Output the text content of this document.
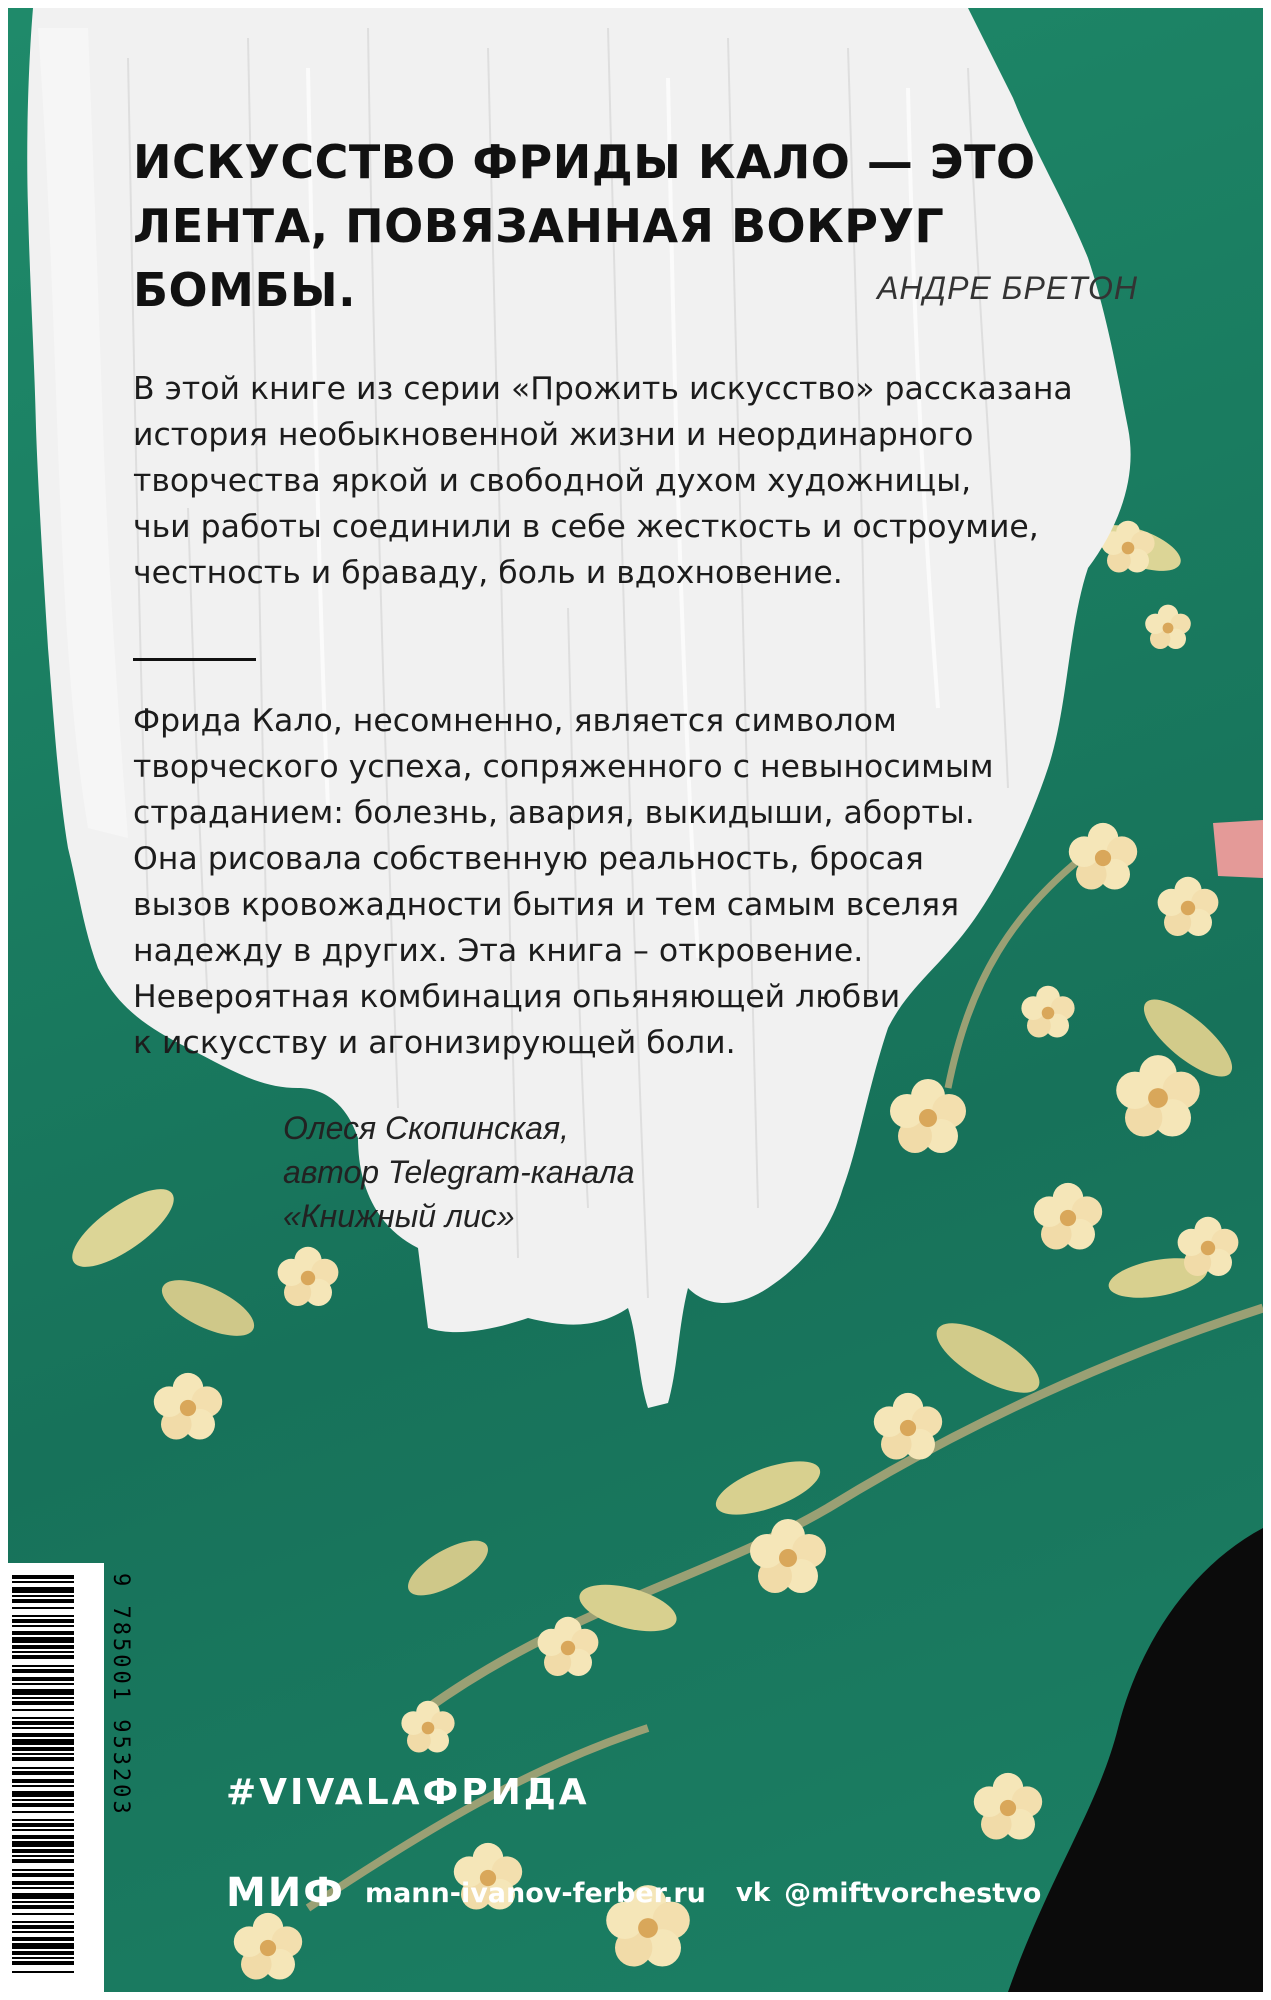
ИСКУССТВО ФРИДЫ КАЛО — ЭТО
ЛЕНТА, ПОВЯЗАННАЯ ВОКРУГ БОМБЫ.	АНДРЕ БРЕТОН

В этой книге из серии «Прожить искусство» рассказана
история необыкновенной жизни и неординарного
творчества яркой и свободной духом художницы,
чьи работы соединили в себе жесткость и остроумие,
честность и браваду, боль и вдохновение.

Фрида Кало, несомненно, является символом
творческого успеха, сопряженного с невыносимым
страданием: болезнь, авария, выкидыши, аборты.
Она рисовала собственную реальность, бросая
вызов кровожадности бытия и тем самым вселяя
надежду в других. Эта книга – откровение.
Невероятная комбинация опьяняющей любви
к искусству и агонизирующей боли.

Олеся Скопинская,
автор Telegram-канала
«Книжный лис»
9 785001 953203	#VIVALAФРИДА
МИФ mann-ivanov-ferber.ru vk @miftvorchestvo
